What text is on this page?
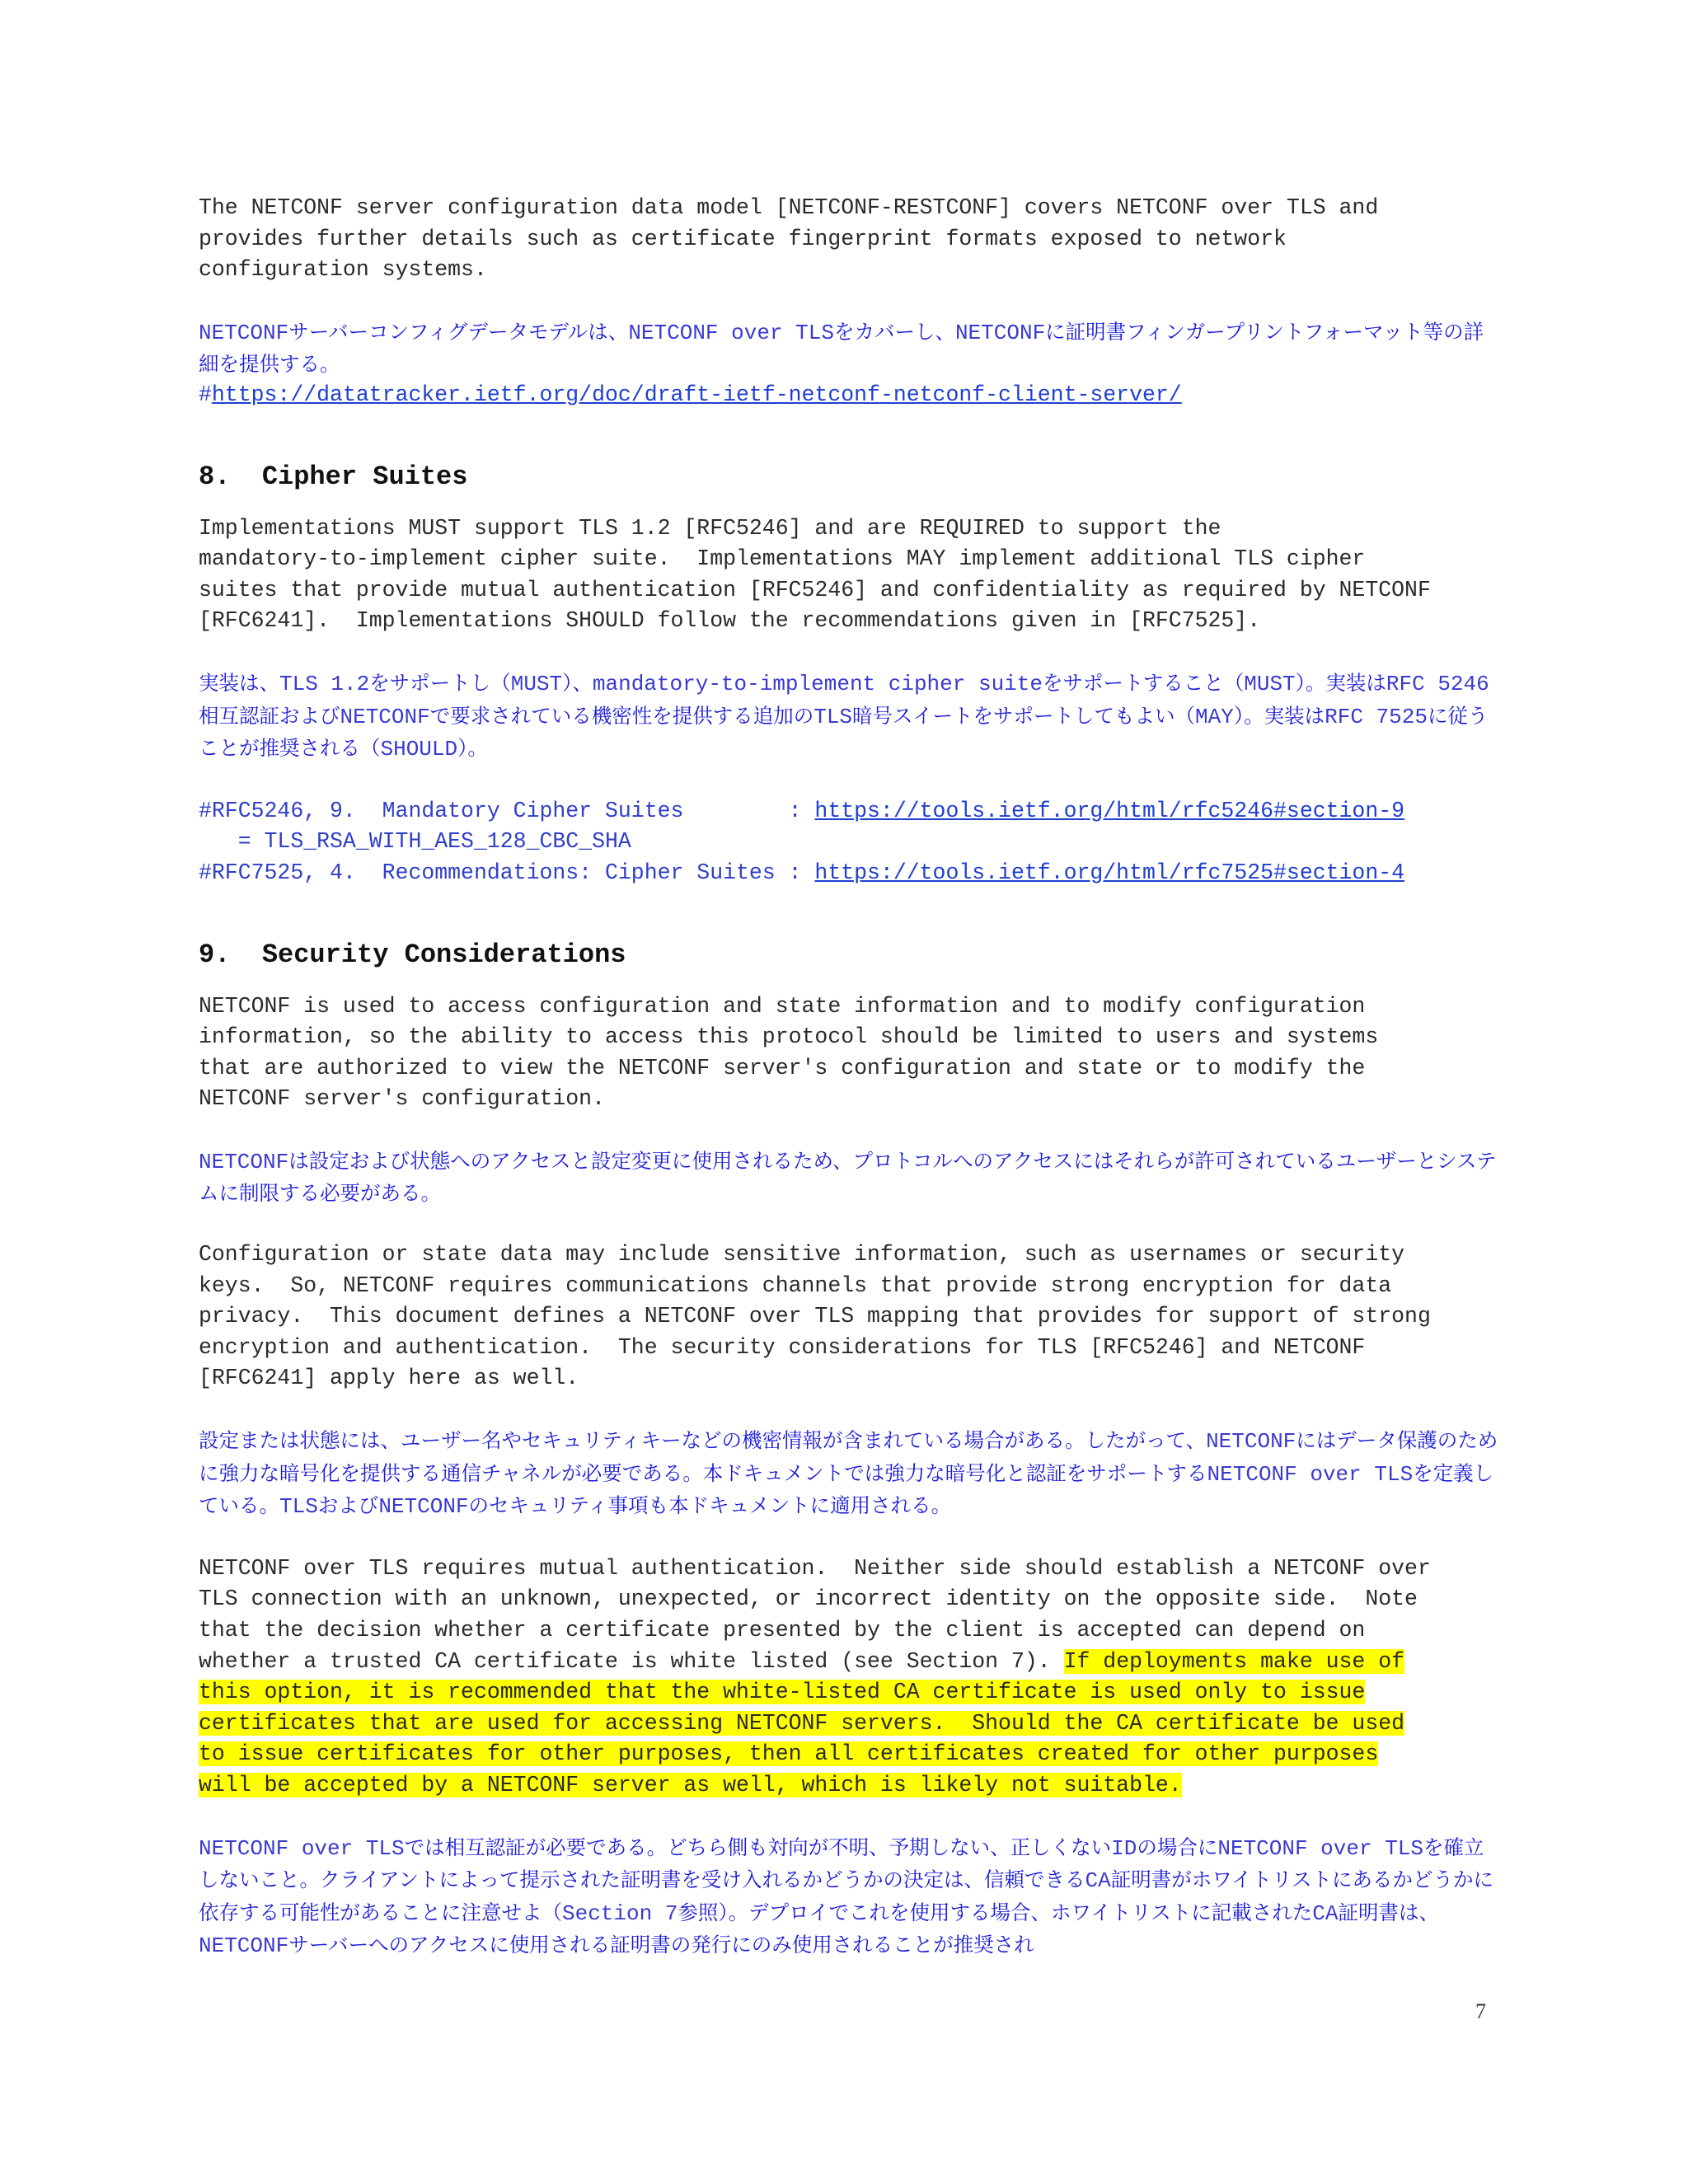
The NETCONF server configuration data model [NETCONF-RESTCONF] covers NETCONF over TLS and
provides further details such as certificate fingerprint formats exposed to network
configuration systems.

NETCONFサーバーコンフィグデータモデルは、NETCONF over TLSをカバーし、NETCONFに証明書フィンガープリントフォーマット等の詳細を提供する。

#https://datatracker.ietf.org/doc/draft-ietf-netconf-netconf-client-server/

8.  Cipher Suites

Implementations MUST support TLS 1.2 [RFC5246] and are REQUIRED to support the
mandatory-to-implement cipher suite.  Implementations MAY implement additional TLS cipher
suites that provide mutual authentication [RFC5246] and confidentiality as required by NETCONF
[RFC6241].  Implementations SHOULD follow the recommendations given in [RFC7525].

実装は、TLS 1.2をサポートし（MUST）、mandatory-to-implement cipher suiteをサポートすること（MUST）。実装はRFC 5246 相互認証およびNETCONFで要求されている機密性を提供する追加のTLS暗号スイートをサポートしてもよい（MAY）。実装はRFC 7525に従うことが推奨される（SHOULD）。

#RFC5246, 9.  Mandatory Cipher Suites        : https://tools.ietf.org/html/rfc5246#section-9

= TLS_RSA_WITH_AES_128_CBC_SHA

#RFC7525, 4.  Recommendations: Cipher Suites : https://tools.ietf.org/html/rfc7525#section-4

9.  Security Considerations

NETCONF is used to access configuration and state information and to modify configuration
information, so the ability to access this protocol should be limited to users and systems
that are authorized to view the NETCONF server's configuration and state or to modify the
NETCONF server's configuration.

NETCONFは設定および状態へのアクセスと設定変更に使用されるため、プロトコルへのアクセスにはそれらが許可されているユーザーとシステムに制限する必要がある。

Configuration or state data may include sensitive information, such as usernames or security
keys.  So, NETCONF requires communications channels that provide strong encryption for data
privacy.  This document defines a NETCONF over TLS mapping that provides for support of strong
encryption and authentication.  The security considerations for TLS [RFC5246] and NETCONF
[RFC6241] apply here as well.

設定または状態には、ユーザー名やセキュリティキーなどの機密情報が含まれている場合がある。したがって、NETCONFにはデータ保護のために強力な暗号化を提供する通信チャネルが必要である。本ドキュメントでは強力な暗号化と認証をサポートするNETCONF over TLSを定義している。TLSおよびNETCONFのセキュリティ事項も本ドキュメントに適用される。

NETCONF over TLS requires mutual authentication.  Neither side should establish a NETCONF over
TLS connection with an unknown, unexpected, or incorrect identity on the opposite side.  Note
that the decision whether a certificate presented by the client is accepted can depend on
whether a trusted CA certificate is white listed (see Section 7). If deployments make use of
this option, it is recommended that the white-listed CA certificate is used only to issue
certificates that are used for accessing NETCONF servers.  Should the CA certificate be used
to issue certificates for other purposes, then all certificates created for other purposes
will be accepted by a NETCONF server as well, which is likely not suitable.

NETCONF over TLSでは相互認証が必要である。どちら側も対向が不明、予期しない、正しくないIDの場合にNETCONF over TLSを確立しないこと。クライアントによって提示された証明書を受け入れるかどうかの決定は、信頼できるCA証明書がホワイトリストにあるかどうかに依存する可能性があることに注意せよ（Section 7参照）。デプロイでこれを使用する場合、ホワイトリストに記載されたCA証明書は、NETCONFサーバーへのアクセスに使用される証明書の発行にのみ使用されることが推奨され

7
